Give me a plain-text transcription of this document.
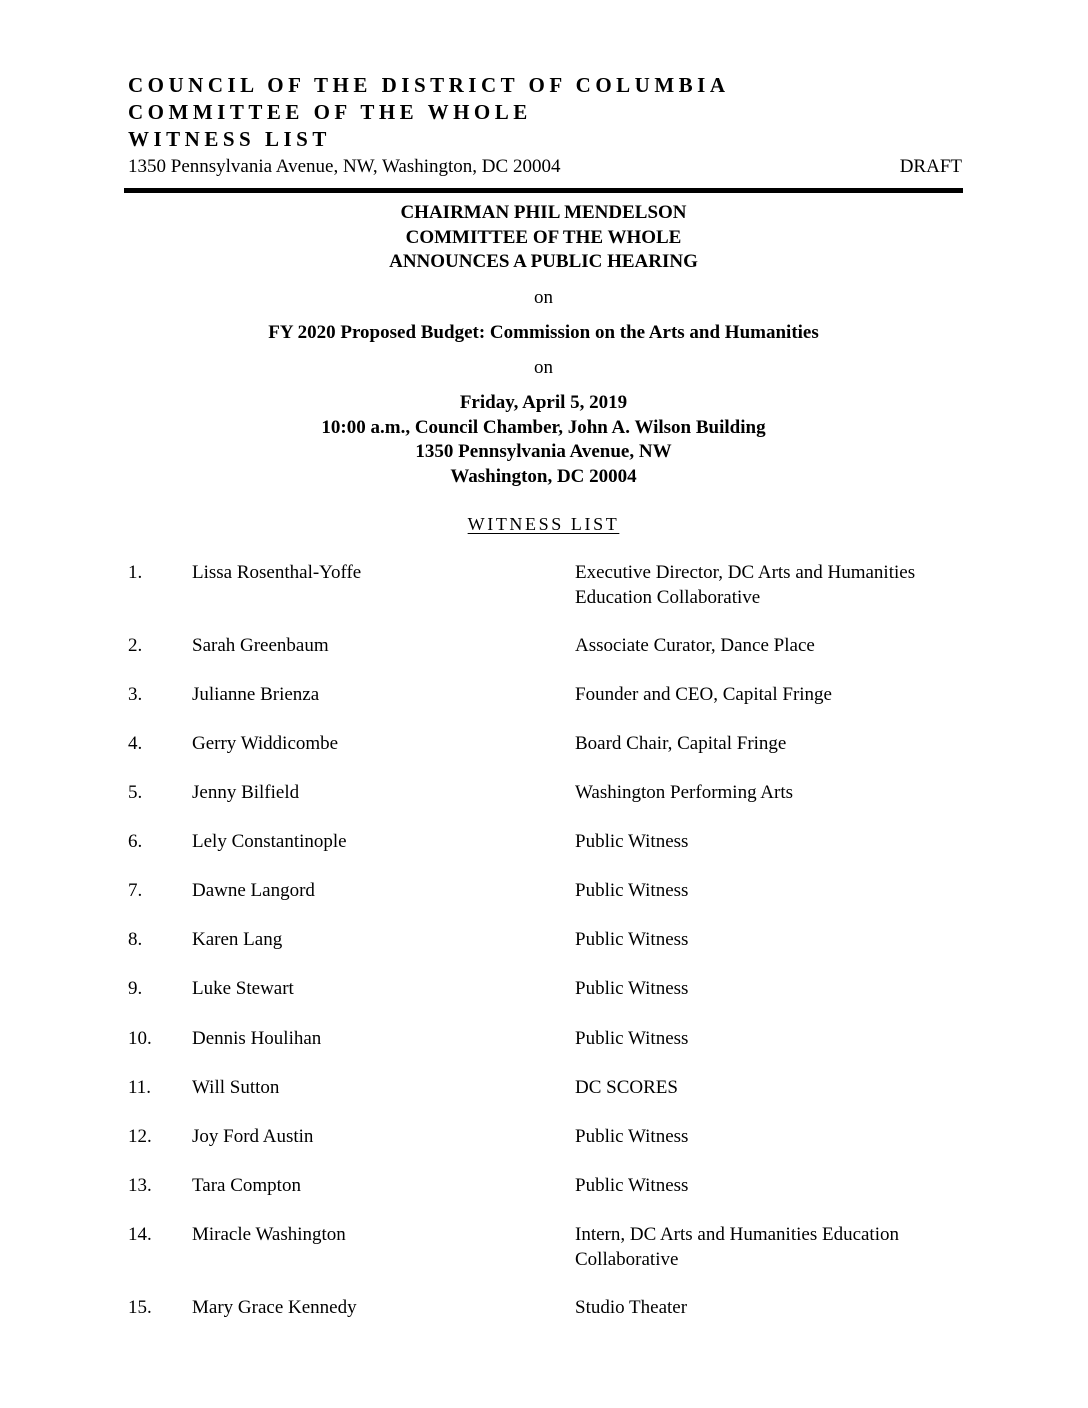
COUNCIL OF THE DISTRICT OF COLUMBIA
COMMITTEE OF THE WHOLE
WITNESS LIST
1350 Pennsylvania Avenue, NW, Washington, DC 20004	DRAFT
CHAIRMAN PHIL MENDELSON
COMMITTEE OF THE WHOLE
ANNOUNCES A PUBLIC HEARING
on
FY 2020 Proposed Budget: Commission on the Arts and Humanities
on
Friday, April 5, 2019
10:00 a.m., Council Chamber, John A. Wilson Building
1350 Pennsylvania Avenue, NW
Washington, DC 20004
WITNESS LIST
1.	Lissa Rosenthal-Yoffe	Executive Director, DC Arts and Humanities Education Collaborative
2.	Sarah Greenbaum	Associate Curator, Dance Place
3.	Julianne Brienza	Founder and CEO, Capital Fringe
4.	Gerry Widdicombe	Board Chair, Capital Fringe
5.	Jenny Bilfield	Washington Performing Arts
6.	Lely Constantinople	Public Witness
7.	Dawne Langord	Public Witness
8.	Karen Lang	Public Witness
9.	Luke Stewart	Public Witness
10.	Dennis Houlihan	Public Witness
11.	Will Sutton	DC SCORES
12.	Joy Ford Austin	Public Witness
13.	Tara Compton	Public Witness
14.	Miracle Washington	Intern, DC Arts and Humanities Education Collaborative
15.	Mary Grace Kennedy	Studio Theater
